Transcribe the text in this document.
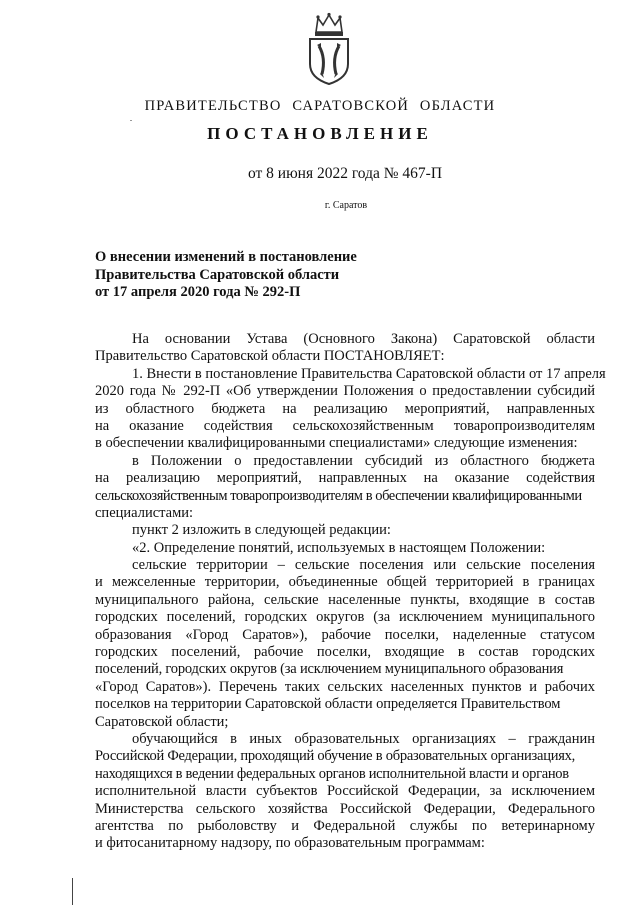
ПРАВИТЕЛЬСТВО САРАТОВСКОЙ ОБЛАСТИ
ПОСТАНОВЛЕНИЕ
от 8 июня 2022 года № 467-П
г. Саратов
О внесении изменений в постановление
Правительства Саратовской области
от 17 апреля 2020 года № 292-П
На основании Устава (Основного Закона) Саратовской области
Правительство Саратовской области ПОСТАНОВЛЯЕТ:
1. Внести в постановление Правительства Саратовской области от 17 апреля
2020 года № 292-П «Об утверждении Положения о предоставлении субсидий
из областного бюджета на реализацию мероприятий, направленных
на оказание содействия сельскохозяйственным товаропроизводителям
в обеспечении квалифицированными специалистами» следующие изменения:
в Положении о предоставлении субсидий из областного бюджета
на реализацию мероприятий, направленных на оказание содействия
сельскохозяйственным товаропроизводителям в обеспечении квалифицированными
специалистами:
пункт 2 изложить в следующей редакции:
«2. Определение понятий, используемых в настоящем Положении:
сельские территории – сельские поселения или сельские поселения
и межселенные территории, объединенные общей территорией в границах
муниципального района, сельские населенные пункты, входящие в состав
городских поселений, городских округов (за исключением муниципального
образования «Город Саратов»), рабочие поселки, наделенные статусом
городских поселений, рабочие поселки, входящие в состав городских
поселений, городских округов (за исключением муниципального образования
«Город Саратов»). Перечень таких сельских населенных пунктов и рабочих
поселков на территории Саратовской области определяется Правительством
Саратовской области;
обучающийся в иных образовательных организациях – гражданин
Российской Федерации, проходящий обучение в образовательных организациях,
находящихся в ведении федеральных органов исполнительной власти и органов
исполнительной власти субъектов Российской Федерации, за исключением
Министерства сельского хозяйства Российской Федерации, Федерального
агентства по рыболовству и Федеральной службы по ветеринарному
и фитосанитарному надзору, по образовательным программам:
